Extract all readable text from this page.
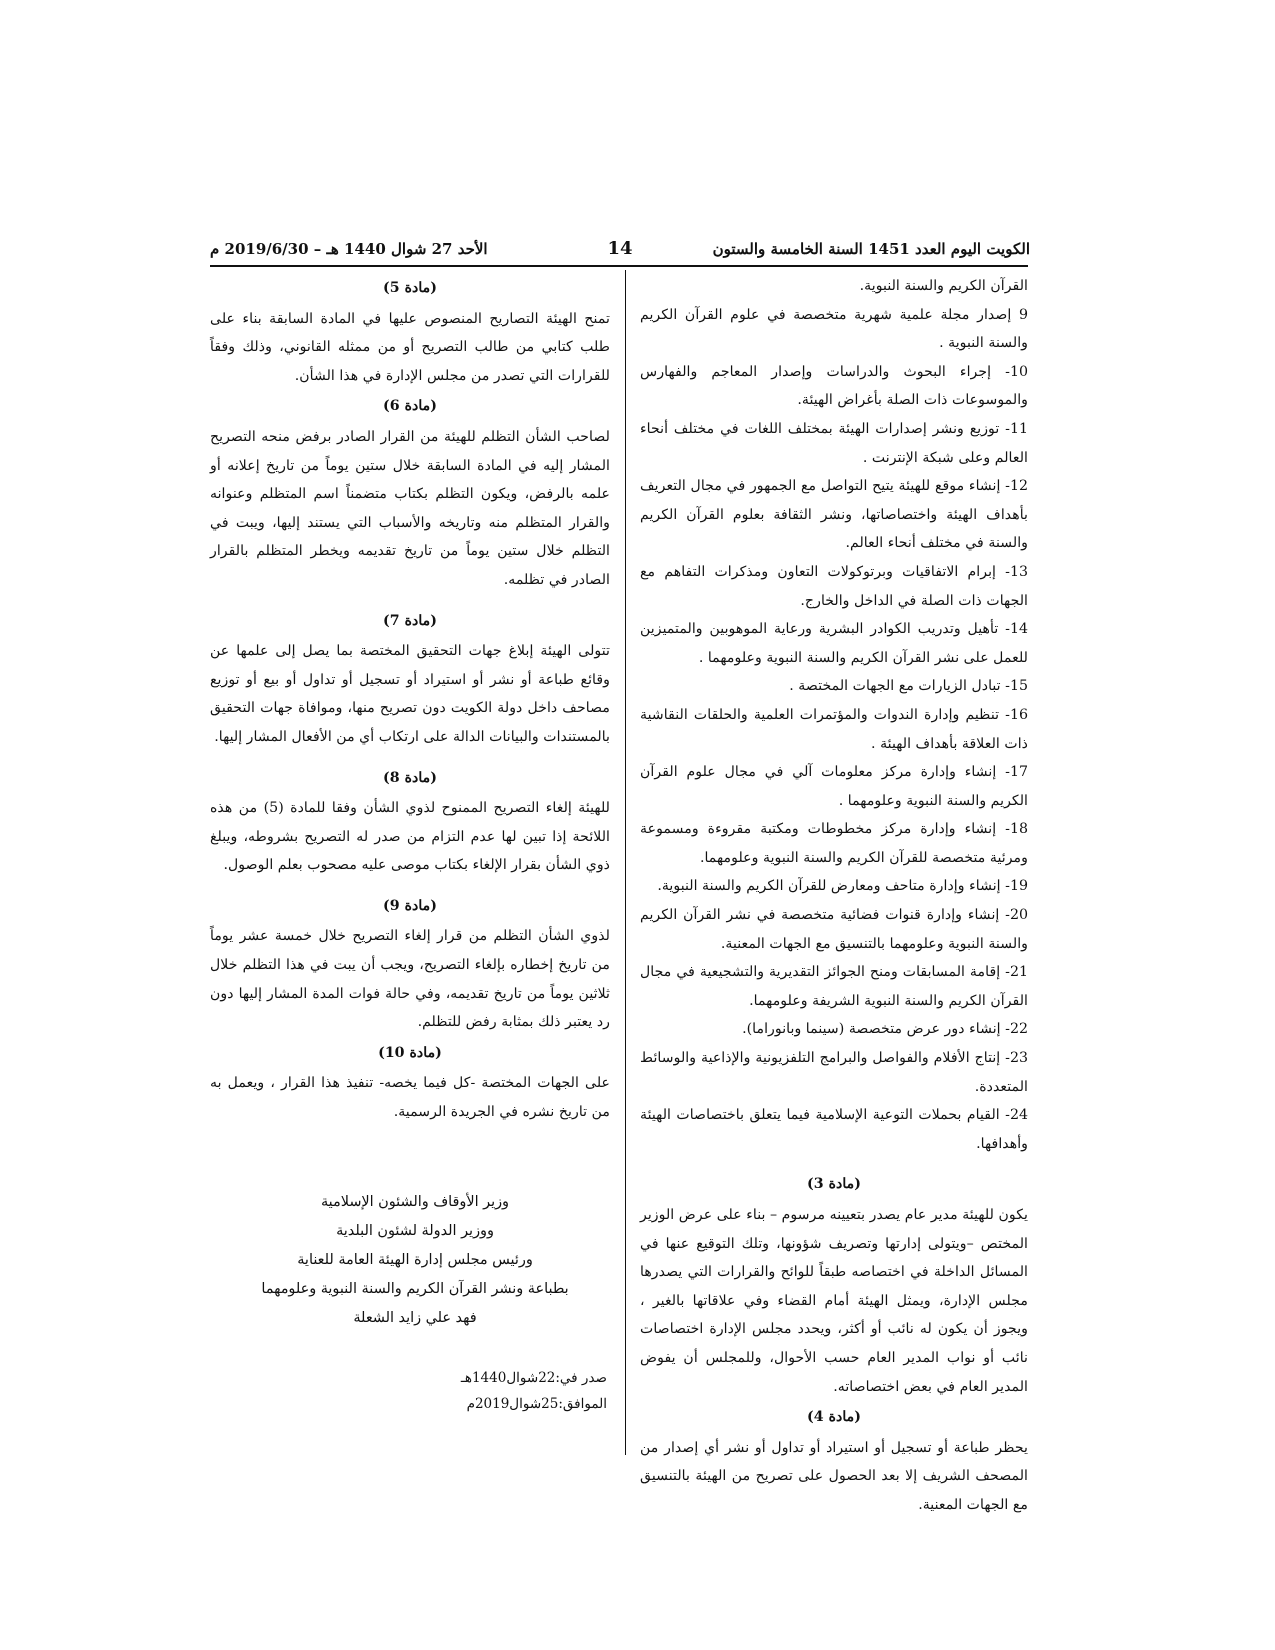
الكويت اليوم العدد 1451 السنة الخامسة والستون
14
الأحد 27 شوال 1440 هـ – 2019/6/30 م

القرآن الكريم والسنة النبوية.

9 إصدار مجلة علمية شهرية متخصصة في علوم القرآن الكريم والسنة النبوية .

10- إجراء البحوث والدراسات وإصدار المعاجم والفهارس والموسوعات ذات الصلة بأغراض الهيئة.

11- توزيع ونشر إصدارات الهيئة بمختلف اللغات في مختلف أنحاء العالم وعلى شبكة الإنترنت .

12- إنشاء موقع للهيئة يتيح التواصل مع الجمهور في مجال التعريف بأهداف الهيئة واختصاصاتها، ونشر الثقافة بعلوم القرآن الكريم والسنة في مختلف أنحاء العالم.

13- إبرام الاتفاقيات وبرتوكولات التعاون ومذكرات التفاهم مع الجهات ذات الصلة في الداخل والخارج.

14- تأهيل وتدريب الكوادر البشرية ورعاية الموهوبين والمتميزين للعمل على نشر القرآن الكريم والسنة النبوية وعلومهما .

15- تبادل الزيارات مع الجهات المختصة .

16- تنظيم وإدارة الندوات والمؤتمرات العلمية والحلقات النقاشية ذات العلاقة بأهداف الهيئة .

17- إنشاء وإدارة مركز معلومات آلي في مجال علوم القرآن الكريم والسنة النبوية وعلومهما .

18- إنشاء وإدارة مركز مخطوطات ومكتبة مقروءة ومسموعة ومرئية متخصصة للقرآن الكريم والسنة النبوية وعلومهما.

19- إنشاء وإدارة متاحف ومعارض للقرآن الكريم والسنة النبوية.

20- إنشاء وإدارة قنوات فضائية متخصصة في نشر القرآن الكريم والسنة النبوية وعلومهما بالتنسيق مع الجهات المعنية.

21- إقامة المسابقات ومنح الجوائز التقديرية والتشجيعية في مجال القرآن الكريم والسنة النبوية الشريفة وعلومهما.

22- إنشاء دور عرض متخصصة (سينما وبانوراما).

23- إنتاج الأفلام والفواصل والبرامج التلفزيونية والإذاعية والوسائط المتعددة.

24- القيام بحملات التوعية الإسلامية فيما يتعلق باختصاصات الهيئة وأهدافها.

(مادة 3)

يكون للهيئة مدير عام يصدر بتعيينه مرسوم – بناء على عرض الوزير المختص –ويتولى إدارتها وتصريف شؤونها، وتلك التوقيع عنها في المسائل الداخلة في اختصاصه طبقاً للوائح والقرارات التي يصدرها مجلس الإدارة، ويمثل الهيئة أمام القضاء وفي علاقاتها بالغير ، ويجوز أن يكون له نائب أو أكثر، ويحدد مجلس الإدارة اختصاصات نائب أو نواب المدير العام حسب الأحوال، وللمجلس أن يفوض المدير العام في بعض اختصاصاته.

(مادة 4)

يحظر طباعة أو تسجيل أو استيراد أو تداول أو نشر أي إصدار من المصحف الشريف إلا بعد الحصول على تصريح من الهيئة بالتنسيق مع الجهات المعنية.

(مادة 5)

تمنح الهيئة التصاريح المنصوص عليها في المادة السابقة بناء على طلب كتابي من طالب التصريح أو من ممثله القانوني، وذلك وفقاً للقرارات التي تصدر من مجلس الإدارة في هذا الشأن.

(مادة 6)

لصاحب الشأن التظلم للهيئة من القرار الصادر برفض منحه التصريح المشار إليه في المادة السابقة خلال ستين يوماً من تاريخ إعلانه أو علمه بالرفض، ويكون التظلم بكتاب متضمناً اسم المتظلم وعنوانه والقرار المتظلم منه وتاريخه والأسباب التي يستند إليها، ويبت في التظلم خلال ستين يوماً من تاريخ تقديمه ويخطر المتظلم بالقرار الصادر في تظلمه.

(مادة 7)

تتولى الهيئة إبلاغ جهات التحقيق المختصة بما يصل إلى علمها عن وقائع طباعة أو نشر أو استيراد أو تسجيل أو تداول أو بيع أو توزيع مصاحف داخل دولة الكويت دون تصريح منها، وموافاة جهات التحقيق بالمستندات والبيانات الدالة على ارتكاب أي من الأفعال المشار إليها.

(مادة 8)

للهيئة إلغاء التصريح الممنوح لذوي الشأن وفقا للمادة (5) من هذه اللائحة إذا تبين لها عدم التزام من صدر له التصريح بشروطه، ويبلغ ذوي الشأن بقرار الإلغاء بكتاب موصى عليه مصحوب بعلم الوصول.

(مادة 9)

لذوي الشأن التظلم من قرار إلغاء التصريح خلال خمسة عشر يوماً من تاريخ إخطاره بإلغاء التصريح، ويجب أن يبت في هذا التظلم خلال ثلاثين يوماً من تاريخ تقديمه، وفي حالة فوات المدة المشار إليها دون رد يعتبر ذلك بمثابة رفض للتظلم.

(مادة 10)

على الجهات المختصة -كل فيما يخصه- تنفيذ هذا القرار ، ويعمل به من تاريخ نشره في الجريدة الرسمية.

وزير الأوقاف والشئون الإسلامية

ووزير الدولة لشئون البلدية

ورئيس مجلس إدارة الهيئة العامة للعناية

بطباعة ونشر القرآن الكريم والسنة النبوية وعلومهما

فهد علي زايد الشعلة

صدر في:22شوال1440هـ

الموافق:25شوال2019م
